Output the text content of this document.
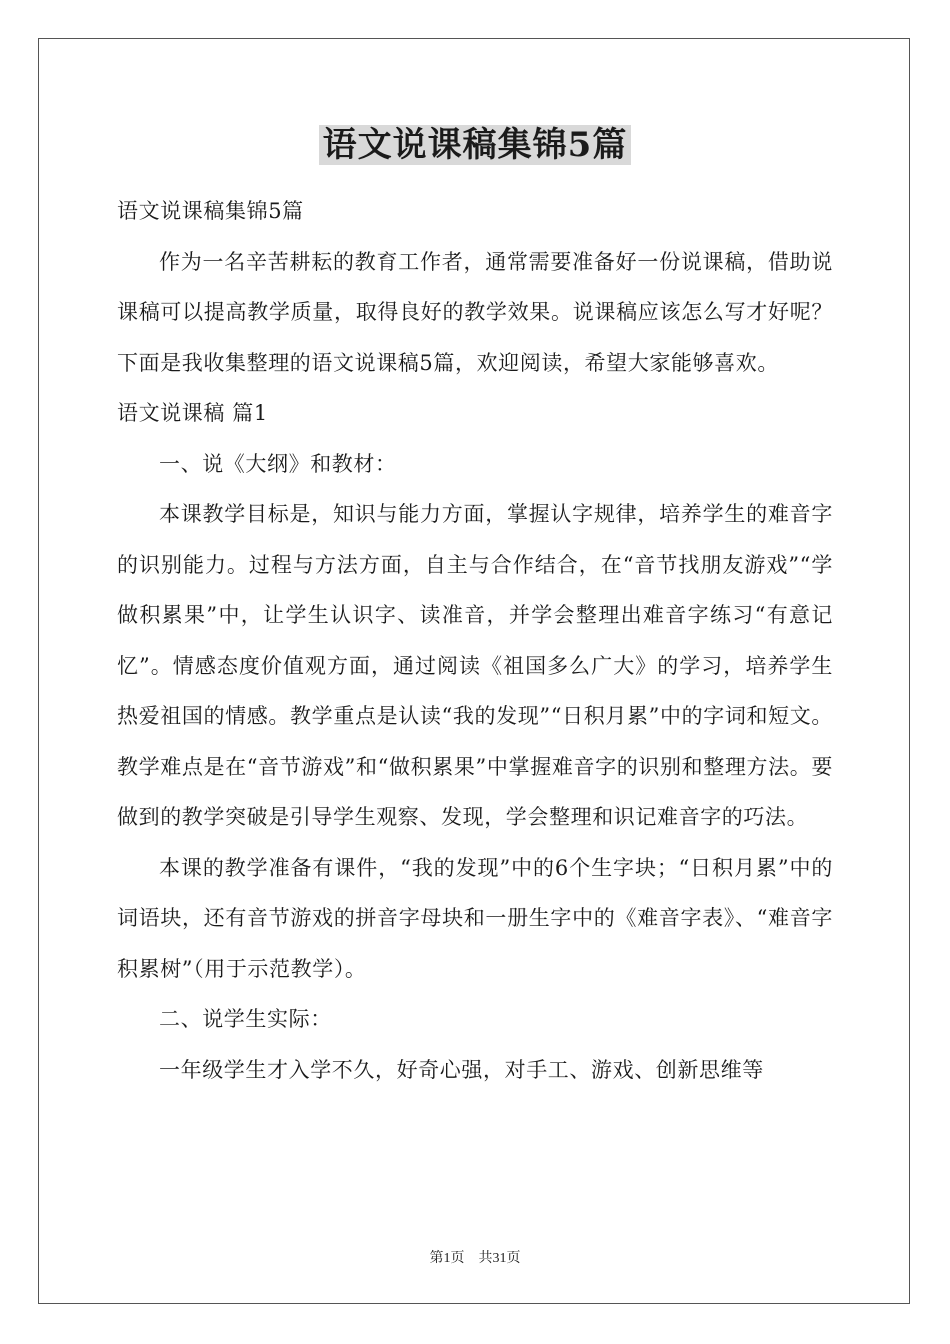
语文说课稿集锦5篇

语文说课稿集锦5篇

作为一名辛苦耕耘的教育工作者，通常需要准备好一份说课稿，借助说课稿可以提高教学质量，取得良好的教学效果。说课稿应该怎么写才好呢？下面是我收集整理的语文说课稿5篇，欢迎阅读，希望大家能够喜欢。

语文说课稿 篇1

一、说《大纲》和教材：

本课教学目标是，知识与能力方面，掌握认字规律，培养学生的难音字的识别能力。过程与方法方面，自主与合作结合，在“音节找朋友游戏”“学做积累果”中，让学生认识字、读准音，并学会整理出难音字练习“有意记忆”。情感态度价值观方面，通过阅读《祖国多么广大》的学习，培养学生热爱祖国的情感。教学重点是认读“我的发现”“日积月累”中的字词和短文。教学难点是在“音节游戏”和“做积累果”中掌握难音字的识别和整理方法。要做到的教学突破是引导学生观察、发现，学会整理和识记难音字的巧法。

本课的教学准备有课件，“我的发现”中的6个生字块；“日积月累”中的词语块，还有音节游戏的拼音字母块和一册生字中的《难音字表》、“难音字积累树”（用于示范教学）。

二、说学生实际：

一年级学生才入学不久，好奇心强，对手工、游戏、创新思维等

第1页　共31页
